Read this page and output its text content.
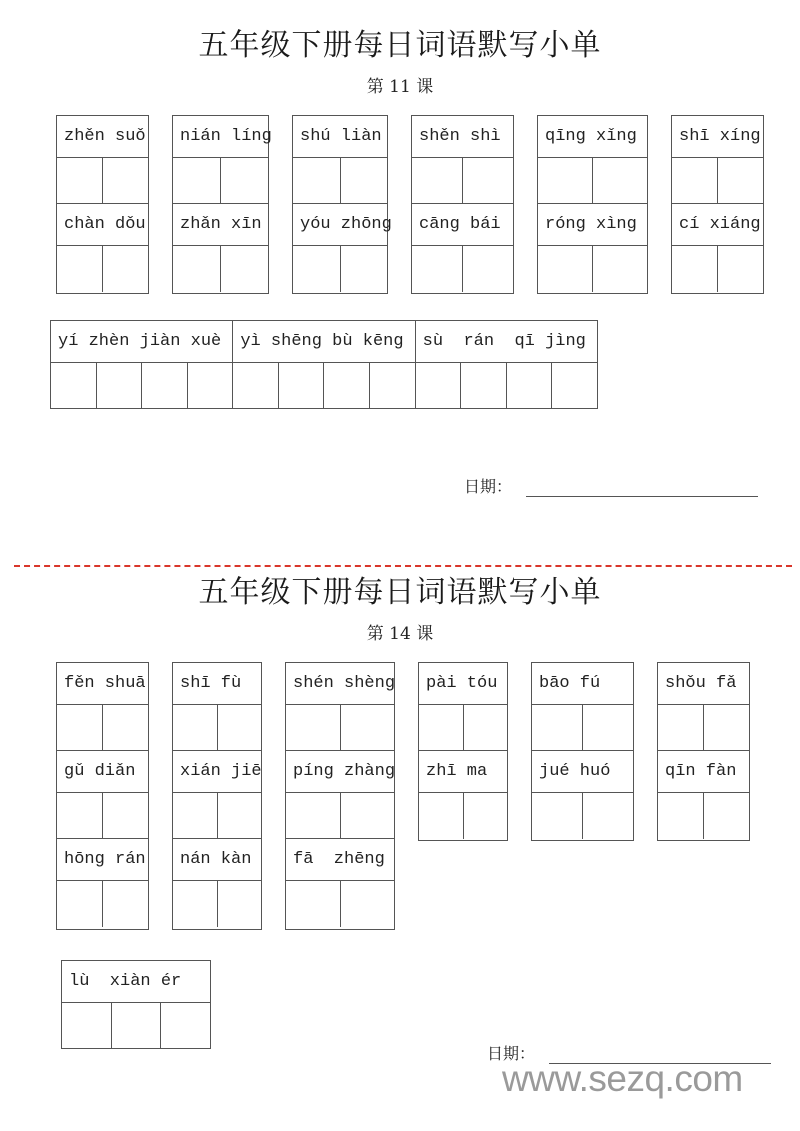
五年级下册每日词语默写小单
第 11 课
zhěn suǒ
chàn dǒu
nián líng
zhǎn xīn
shú liàn
yóu zhōng
shěn shì
cāng bái
qīng xǐng
róng xìng
shī xíng
cí xiáng
yí zhèn jiàn xuè	yì shēng bù kēng	sù  rán  qī jìng
日期：
五年级下册每日词语默写小单
第 14 课
fěn shuā
gǔ diǎn
hōng rán
shī fù
xián jiē
nán kàn
shén shèng
píng zhàng
fā  zhēng
pài tóu
zhī ma
bāo fú
jué huó
shǒu fǎ
qīn fàn
lù  xiàn ér
日期：
www.sezq.com
